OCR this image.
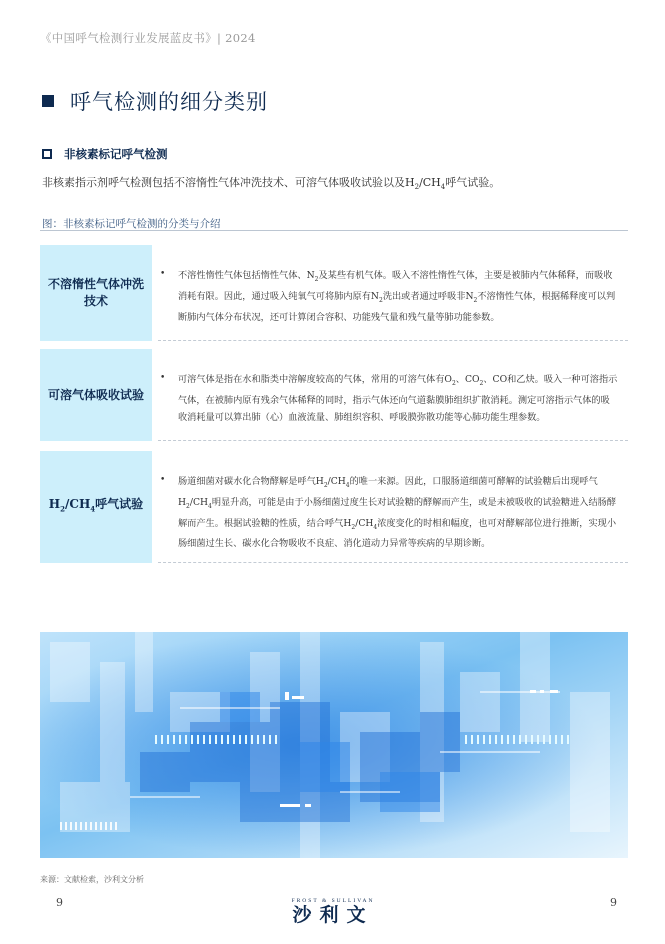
《中国呼气检测行业发展蓝皮书》| 2024
呼气检测的细分类别
非核素标记呼气检测
非核素指示剂呼气检测包括不溶惰性气体冲洗技术、可溶气体吸收试验以及$H_2/CH_4$呼气试验。
图：非核素标记呼气检测的分类与介绍
不溶惰性气体冲洗
技术
• 不溶性惰性气体包括惰性气体、$N_2$及某些有机气体。吸入不溶性惰性气体，主要是被肺内气体稀释，而吸收消耗有限。因此，通过吸入纯氧气可将肺内原有$N_2$洗出或者通过呼吸非$N_2$不溶惰性气体，根据稀释度可以判断肺内气体分布状况，还可计算闭合容积、功能残气量和残气量等肺功能参数。
可溶气体吸收试验
• 可溶气体是指在水和脂类中溶解度较高的气体，常用的可溶气体有$O_2$、$CO_2$、CO和乙炔。吸入一种可溶指示气体，在被肺内原有残余气体稀释的同时，指示气体还向气道黏膜肺组织扩散消耗。测定可溶指示气体的吸收消耗量可以算出肺（心）血液流量、肺组织容积、呼吸膜弥散功能等心肺功能生理参数。
$H_2/CH_4$呼气试验
• 肠道细菌对碳水化合物酵解是呼气$H_2/CH_4$的唯一来源。因此，口服肠道细菌可酵解的试验糖后出现呼气$H_2/CH_4$明显升高，可能是由于小肠细菌过度生长对试验糖的酵解而产生，或是未被吸收的试验糖进入结肠酵解而产生。根据试验糖的性质，结合呼气$H_2/CH_4$浓度变化的时相和幅度，也可对酵解部位进行推断，实现小肠细菌过生长、碳水化合物吸收不良症、消化道动力异常等疾病的早期诊断。
来源：文献检索，沙利文分析
9	9
FROST & SULLIVAN
沙利文
